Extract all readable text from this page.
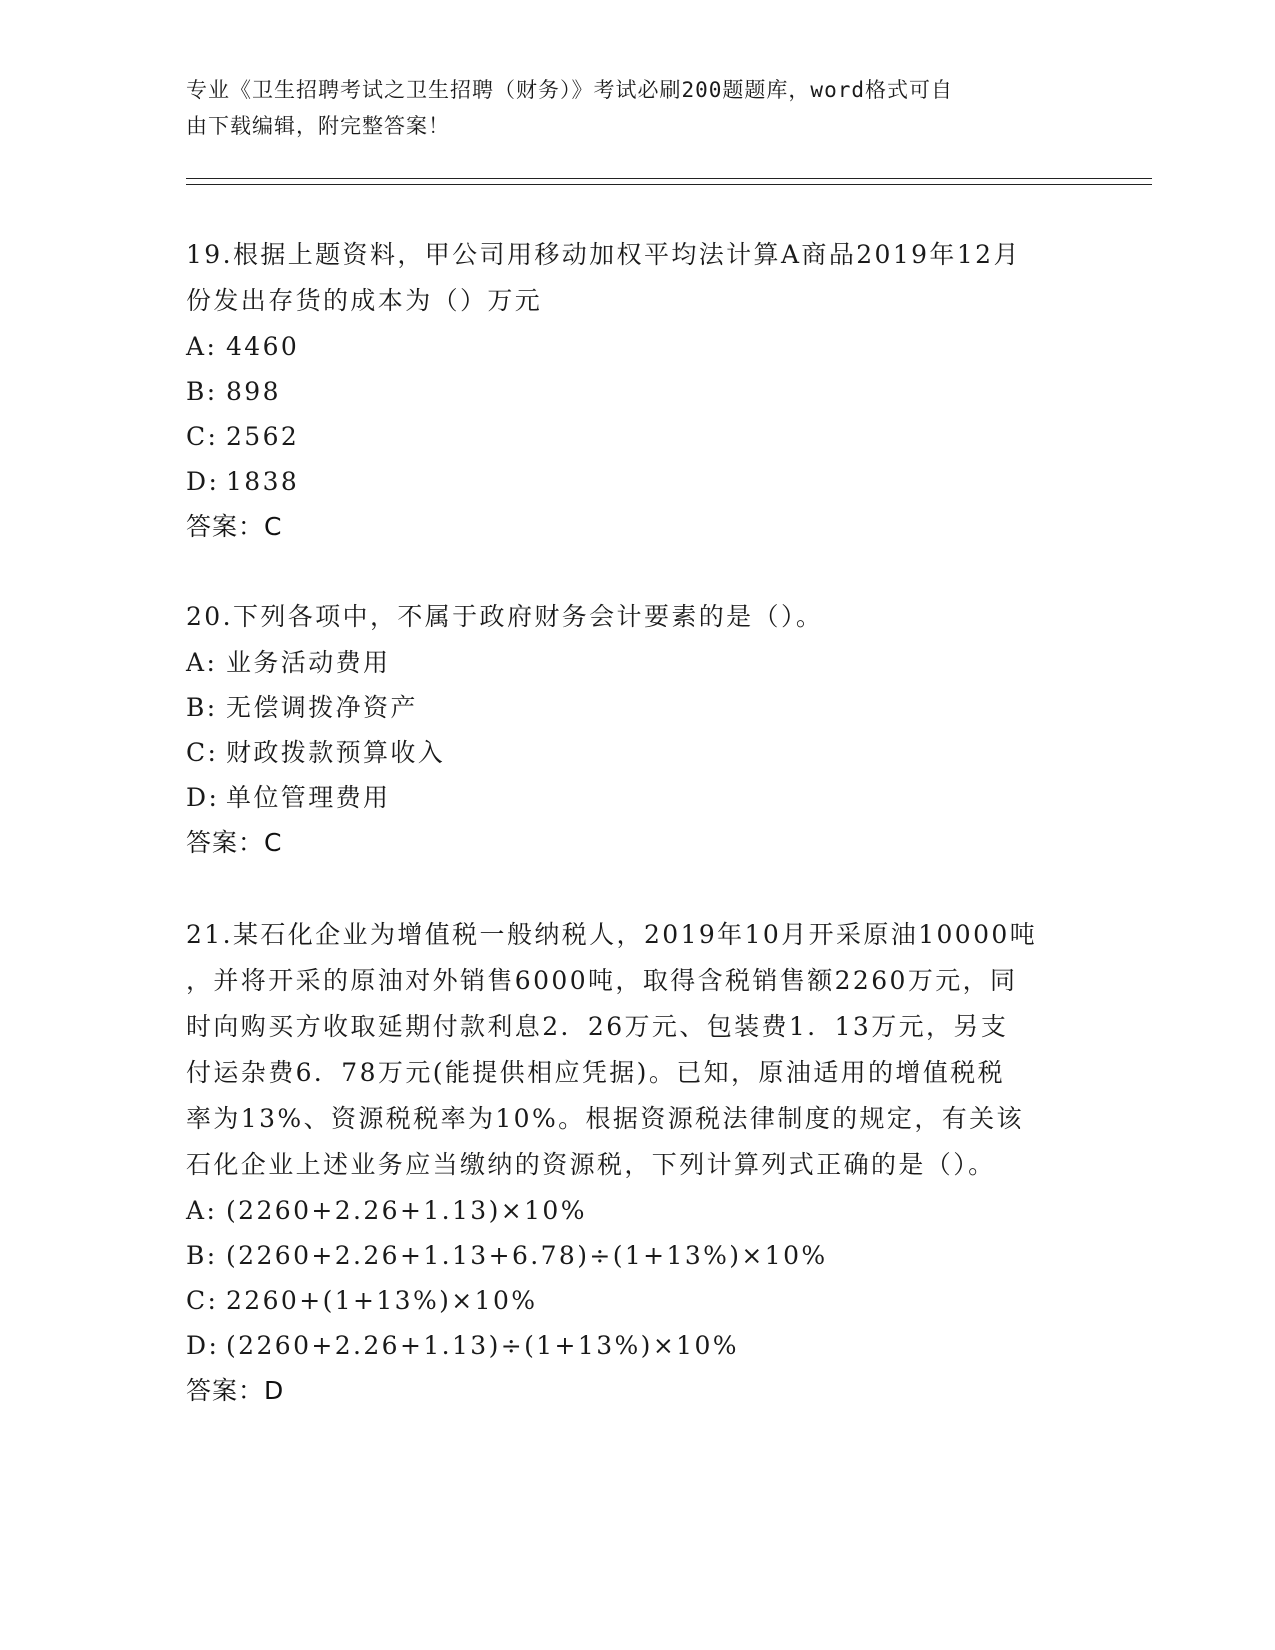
专业《卫生招聘考试之卫生招聘（财务）》考试必刷200题题库，word格式可自
由下载编辑，附完整答案！
19.根据上题资料，甲公司用移动加权平均法计算A商品2019年12月
份发出存货的成本为（）万元
A: 4460
B: 898
C: 2562
D: 1838
答案：C
20.下列各项中，不属于政府财务会计要素的是（）。
A: 业务活动费用
B: 无偿调拨净资产
C: 财政拨款预算收入
D: 单位管理费用
答案：C
21.某石化企业为增值税一般纳税人，2019年10月开采原油10000吨
，并将开采的原油对外销售6000吨，取得含税销售额2260万元，同
时向购买方收取延期付款利息2．26万元、包装费1．13万元，另支
付运杂费6．78万元(能提供相应凭据)。已知，原油适用的增值税税
率为13%、资源税税率为10%。根据资源税法律制度的规定，有关该
石化企业上述业务应当缴纳的资源税，下列计算列式正确的是（）。
A: (2260+2.26+1.13)×10%
B: (2260+2.26+1.13+6.78)÷(1+13%)×10%
C: 2260+(1+13%)×10%
D: (2260+2.26+1.13)÷(1+13%)×10%
答案：D
